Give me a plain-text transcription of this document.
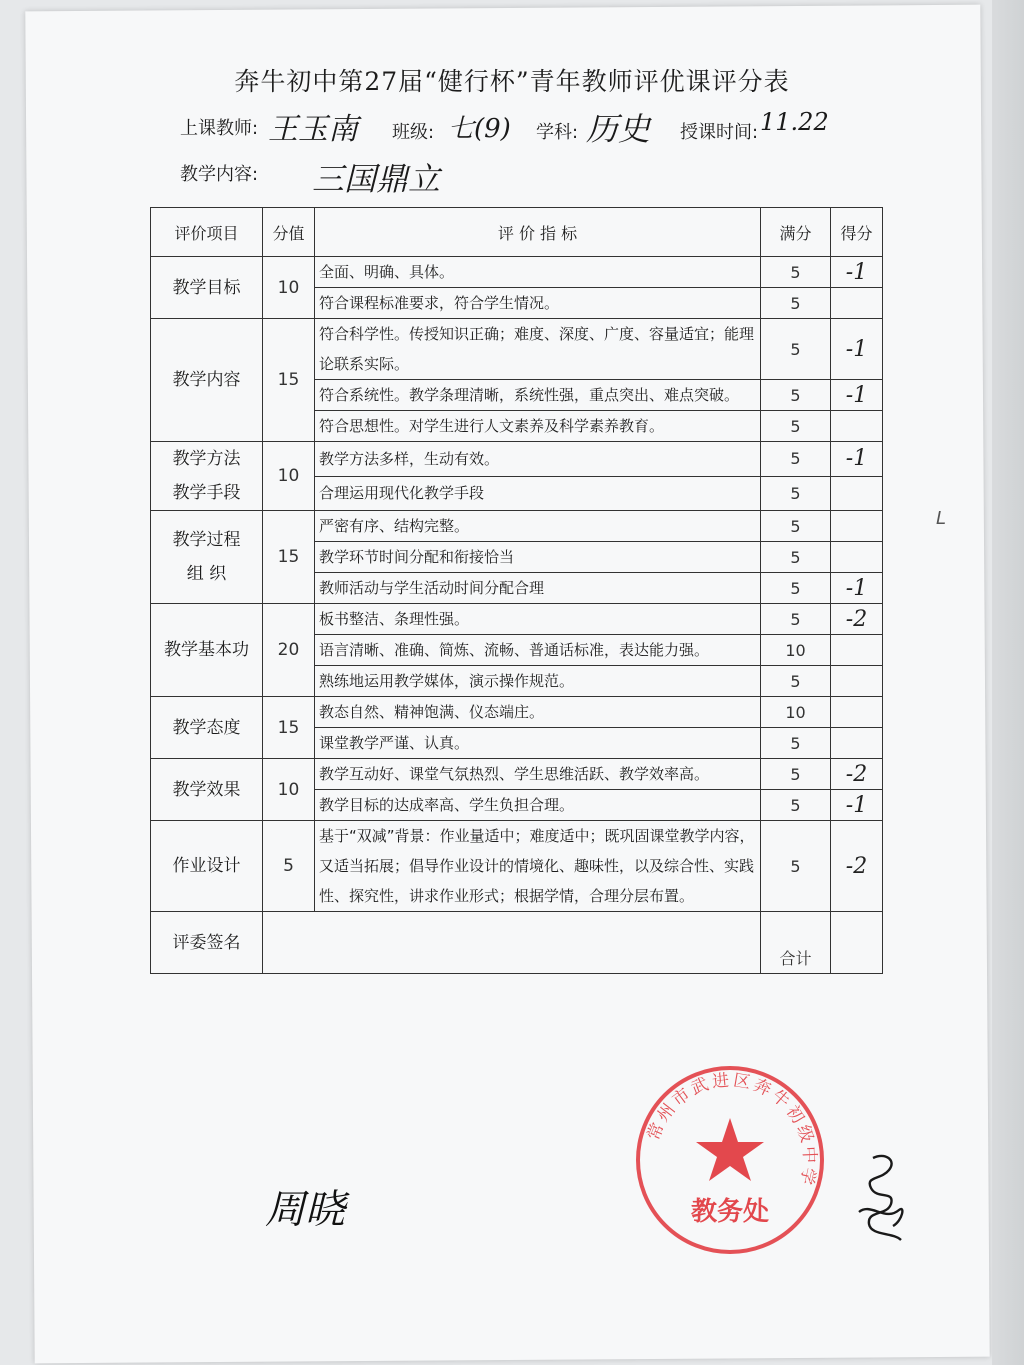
奔牛初中第27届“健行杯”青年教师评优课评分表
上课教师: 王玉南 班级: 七(9) 学科: 历史 授课时间: 11.22
教学内容: 三国鼎立
评价项目	分值	评 价 指 标	满分	得分
教学目标	10	全面、明确、具体。	5	-1
		符合课程标准要求，符合学生情况。	5	
教学内容	15	符合科学性。传授知识正确；难度、深度、广度、容量适宜；能理论联系实际。	5	-1
		符合系统性。教学条理清晰，系统性强，重点突出、难点突破。	5	-1
		符合思想性。对学生进行人文素养及科学素养教育。	5	
教学方法
教学手段	10	教学方法多样，生动有效。	5	-1
		合理运用现代化教学手段	5	
教学过程
组 织	15	严密有序、结构完整。	5	
		教学环节时间分配和衔接恰当	5	
		教师活动与学生活动时间分配合理	5	-1
教学基本功	20	板书整洁、条理性强。	5	-2
		语言清晰、准确、简炼、流畅、普通话标准，表达能力强。	10	
		熟练地运用教学媒体，演示操作规范。	5	
教学态度	15	教态自然、精神饱满、仪态端庄。	10	
		课堂教学严谨、认真。	5	
教学效果	10	教学互动好、课堂气氛热烈、学生思维活跃、教学效率高。	5	-2
		教学目标的达成率高、学生负担合理。	5	-1
作业设计	5	基于“双减”背景：作业量适中；难度适中；既巩固课堂教学内容，又适当拓展；倡导作业设计的情境化、趣味性，以及综合性、实践性、探究性，讲求作业形式；根据学情，合理分层布置。	5	-2
评委签名			合计	
周晓
L
常州市武进区奔牛初级中学
教务处
